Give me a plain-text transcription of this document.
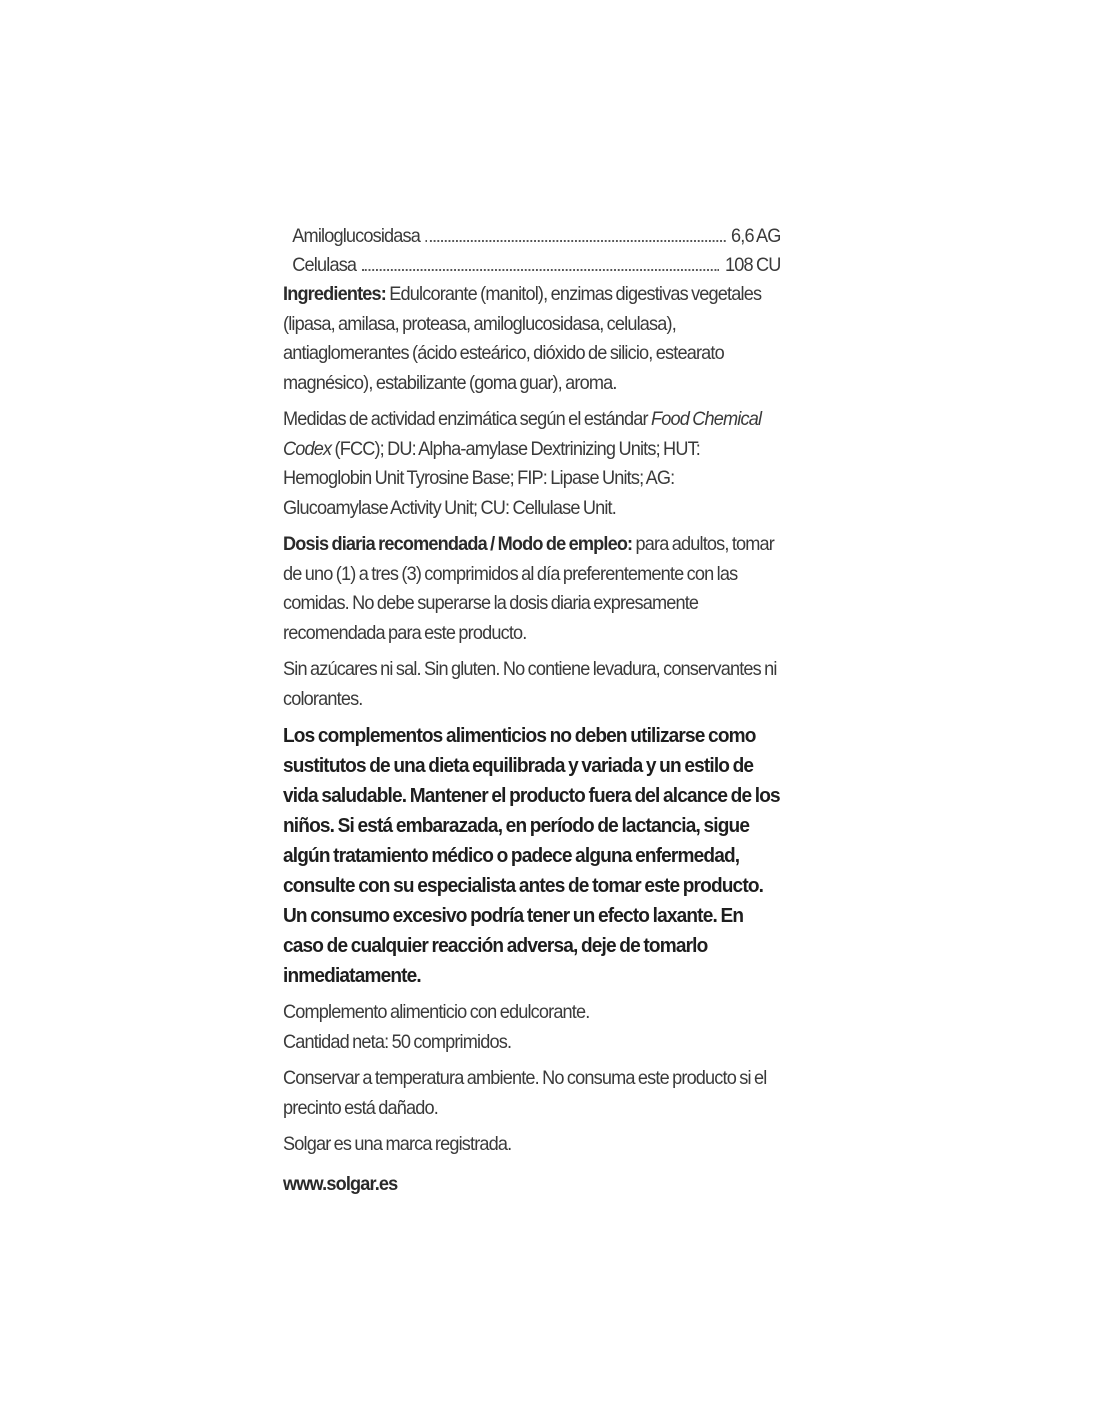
Amiloglucosidasa	6,6 AG
Celulasa	108 CU

Ingredientes: Edulcorante (manitol), enzimas digestivas vegetales (lipasa, amilasa, proteasa, amiloglucosidasa, celulasa), antiaglomerantes (ácido esteárico, dióxido de silicio, estearato magnésico), estabilizante (goma guar), aroma.

Medidas de actividad enzimática según el estándar Food Chemical Codex (FCC); DU: Alpha-amylase Dextrinizing Units; HUT: Hemoglobin Unit Tyrosine Base; FIP: Lipase Units; AG: Glucoamylase Activity Unit; CU: Cellulase Unit.

Dosis diaria recomendada / Modo de empleo: para adultos, tomar de uno (1) a tres (3) comprimidos al día preferentemente con las comidas. No debe superarse la dosis diaria expresamente recomendada para este producto.

Sin azúcares ni sal. Sin gluten. No contiene levadura, conservantes ni colorantes.

Los complementos alimenticios no deben utilizarse como sustitutos de una dieta equilibrada y variada y un estilo de vida saludable. Mantener el producto fuera del alcance de los niños. Si está embarazada, en período de lactancia, sigue algún tratamiento médico o padece alguna enfermedad, consulte con su especialista antes de tomar este producto. Un consumo excesivo podría tener un efecto laxante. En caso de cualquier reacción adversa, deje de tomarlo inmediatamente.

Complemento alimenticio con edulcorante.
Cantidad neta: 50 comprimidos.

Conservar a temperatura ambiente. No consuma este producto si el precinto está dañado.

Solgar es una marca registrada.

www.solgar.es
